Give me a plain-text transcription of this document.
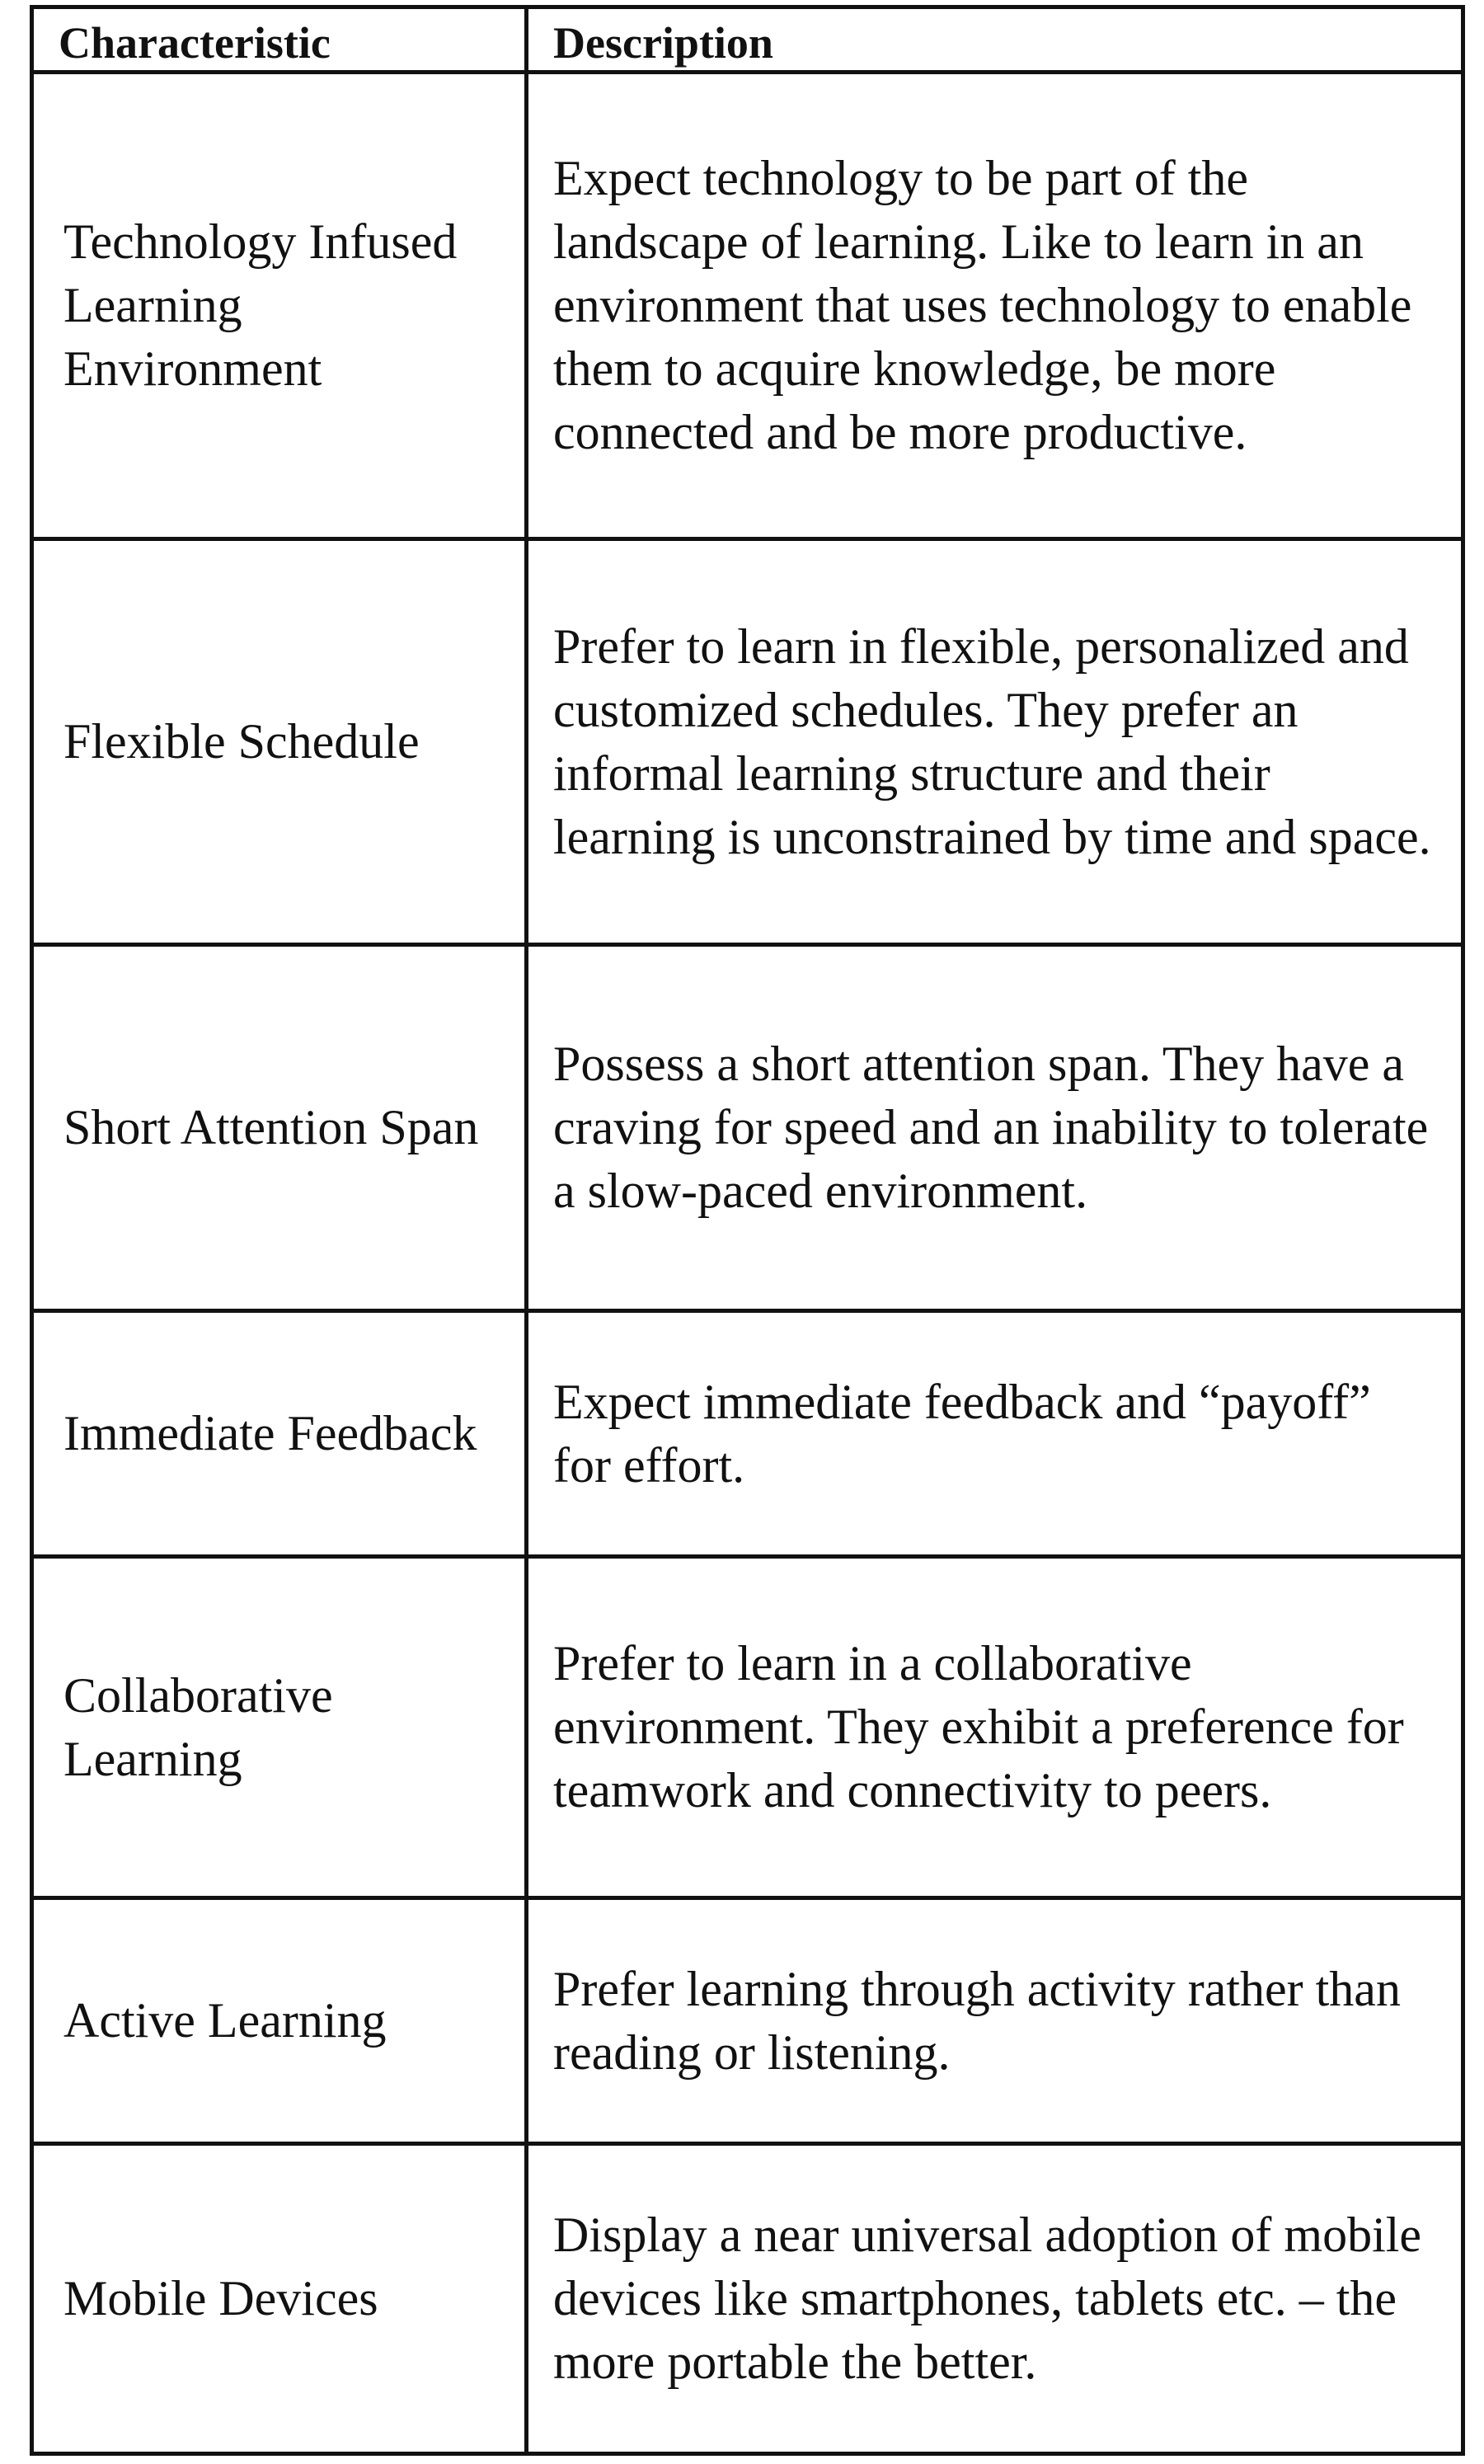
Characteristic	Description
Technology Infused Learning Environment	Expect technology to be part of the landscape of learning. Like to learn in an environment that uses technology to enable them to acquire knowledge, be more connected and be more productive.
Flexible Schedule	Prefer to learn in flexible, personalized and customized schedules. They prefer an informal learning structure and their learning is unconstrained by time and space.
Short Attention Span	Possess a short attention span. They have a craving for speed and an inability to tolerate a slow-paced environment.
Immediate Feedback	Expect immediate feedback and “payoff” for effort.
Collaborative Learning	Prefer to learn in a collaborative environment. They exhibit a preference for teamwork and connectivity to peers.
Active Learning	Prefer learning through activity rather than reading or listening.
Mobile Devices	Display a near universal adoption of mobile devices like smartphones, tablets etc. – the more portable the better.
